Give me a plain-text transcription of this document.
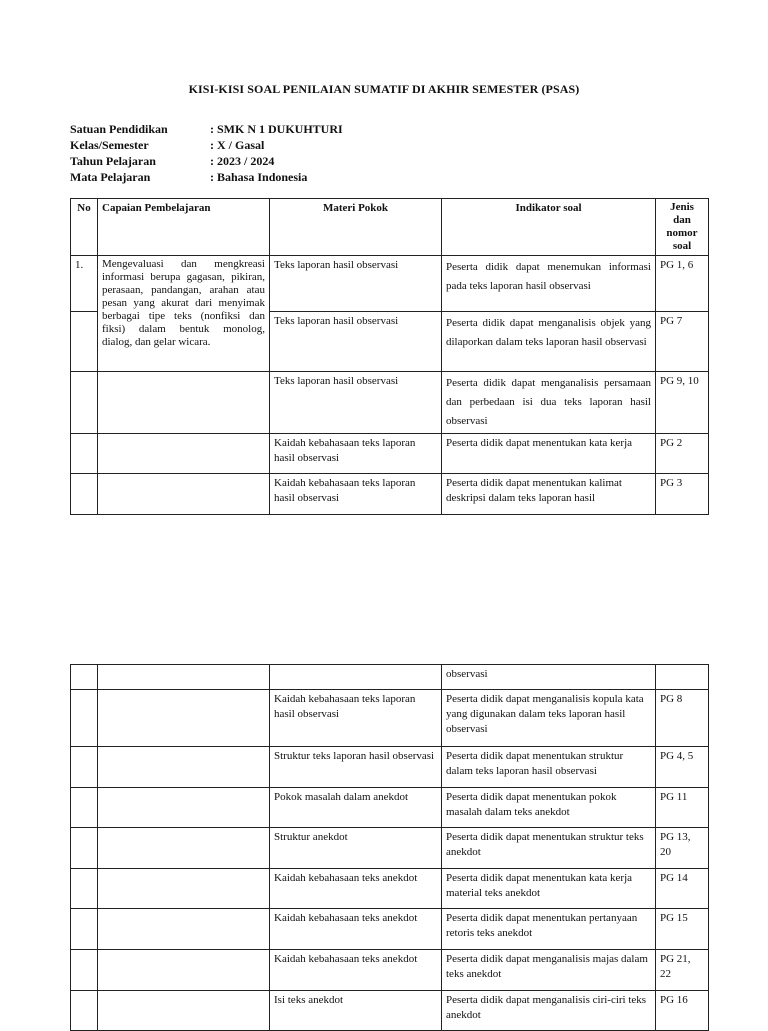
KISI-KISI SOAL PENILAIAN SUMATIF DI AKHIR SEMESTER (PSAS)
Satuan Pendidikan	: SMK N 1 DUKUHTURI
Kelas/Semester	: X / Gasal
Tahun Pelajaran	: 2023 / 2024
Mata Pelajaran	: Bahasa Indonesia
No	Capaian Pembelajaran	Materi Pokok	Indikator soal	Jenis dan nomor soal
1.	Mengevaluasi dan mengkreasi informasi berupa gagasan, pikiran, perasaan, pandangan, arahan atau pesan yang akurat dari menyimak berbagai tipe teks (nonfiksi dan fiksi) dalam bentuk monolog, dialog, dan gelar wicara.	Teks laporan hasil observasi	Peserta didik dapat menemukan informasi pada teks laporan hasil observasi	PG 1, 6
		Teks laporan hasil observasi	Peserta didik dapat menganalisis objek yang dilaporkan dalam teks laporan hasil observasi	PG 7
		Teks laporan hasil observasi	Peserta didik dapat menganalisis persamaan dan perbedaan isi dua teks laporan hasil observasi	PG 9, 10
		Kaidah kebahasaan teks laporan hasil observasi	Peserta didik dapat menentukan kata kerja	PG 2
		Kaidah kebahasaan teks laporan hasil observasi	Peserta didik dapat menentukan kalimat deskripsi dalam teks laporan hasil	PG 3
			observasi	
		Kaidah kebahasaan teks laporan hasil observasi	Peserta didik dapat menganalisis kopula kata yang digunakan dalam teks laporan hasil observasi	PG 8
		Struktur teks laporan hasil observasi	Peserta didik dapat menentukan struktur dalam teks laporan hasil observasi	PG 4, 5
		Pokok masalah dalam anekdot	Peserta didik dapat menentukan pokok masalah dalam teks anekdot	PG 11
		Struktur anekdot	Peserta didik dapat menentukan struktur teks anekdot	PG 13, 20
		Kaidah kebahasaan teks anekdot	Peserta didik dapat menentukan kata kerja material teks anekdot	PG 14
		Kaidah kebahasaan teks anekdot	Peserta didik dapat menentukan pertanyaan retoris teks anekdot	PG 15
		Kaidah kebahasaan teks anekdot	Peserta didik dapat menganalisis majas dalam teks anekdot	PG 21, 22
		Isi teks anekdot	Peserta didik dapat menganalisis ciri-ciri teks anekdot	PG 16
